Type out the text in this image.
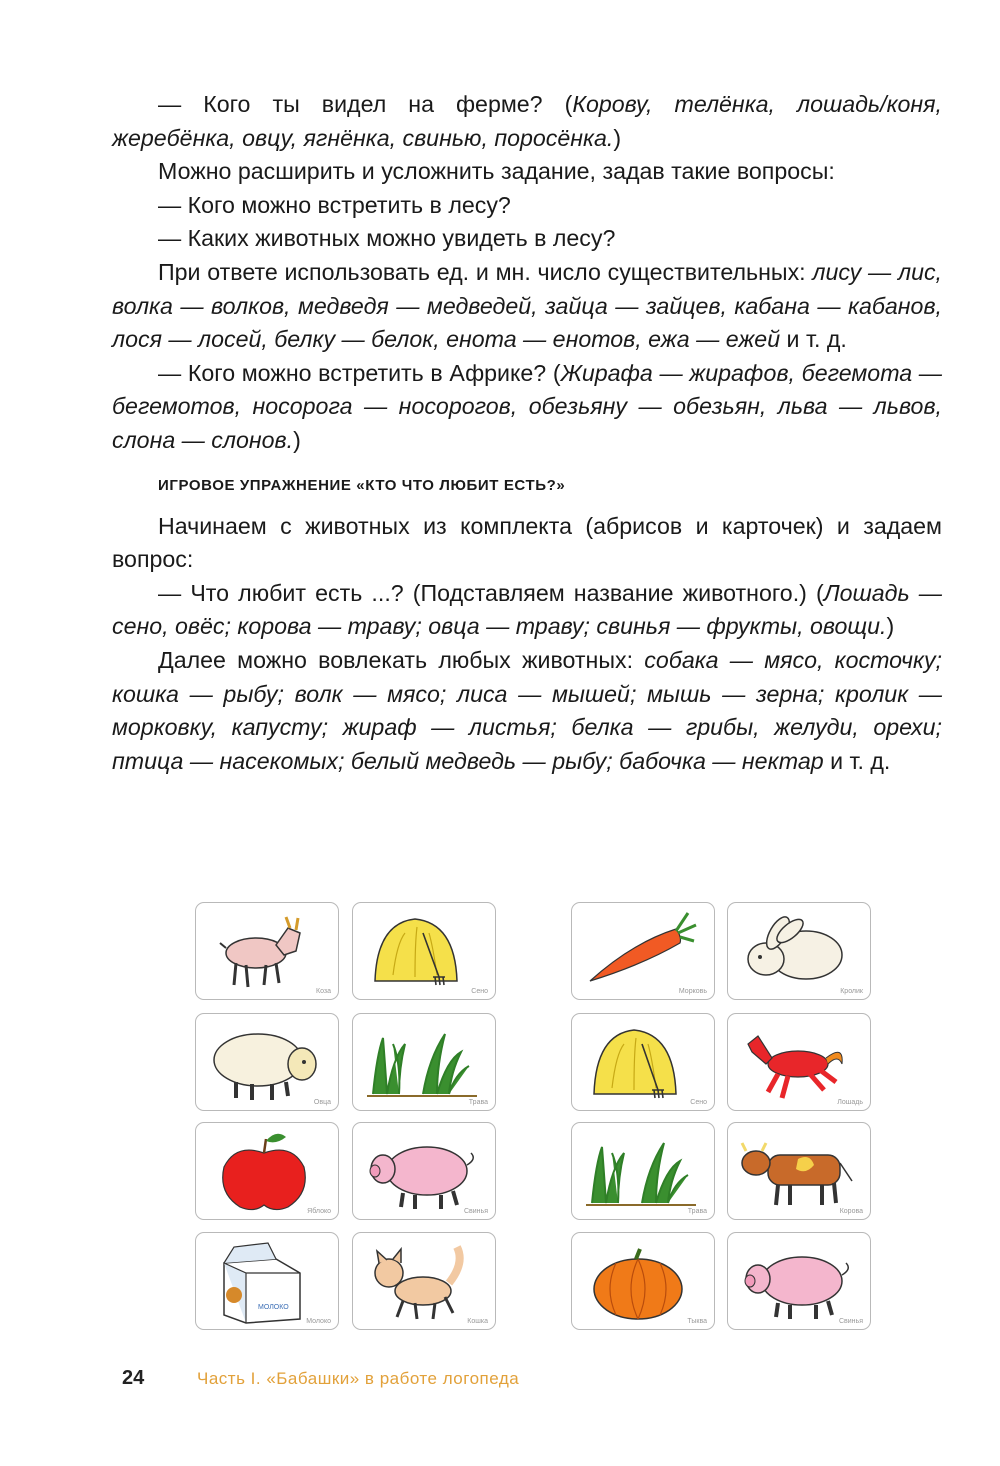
— Кого ты видел на ферме? (Корову, телёнка, лошадь/коня, жеребёнка, овцу, ягнёнка, свинью, поросёнка.)

Можно расширить и усложнить задание, задав такие вопросы:

— Кого можно встретить в лесу?

— Каких животных можно увидеть в лесу?

При ответе использовать ед. и мн. число существительных: лису — лис, волка — волков, медведя — медведей, зайца — зайцев, кабана — кабанов, лося — лосей, белку — белок, енота — енотов, ежа — ежей и т. д.

— Кого можно встретить в Африке? (Жирафа — жирафов, бегемота — бегемотов, носорога — носорогов, обезьяну — обезьян, льва — львов, слона — слонов.)

ИГРОВОЕ УПРАЖНЕНИЕ «КТО ЧТО ЛЮБИТ ЕСТЬ?»

Начинаем с животных из комплекта (абрисов и карточек) и задаем вопрос:

— Что любит есть ...? (Подставляем название животного.) (Лошадь — сено, овёс; корова — траву; овца — траву; свинья — фрукты, овощи.)

Далее можно вовлекать любых животных: собака — мясо, косточку; кошка — рыбу; волк — мясо; лиса — мышей; мышь — зерна; кролик — морковку, капусту; жираф — листья; белка — грибы, желуди, орехи; птица — насекомых; белый медведь — рыбу; бабочка — нектар и т. д.

Коза	Сено	Морковь	Кролик
Овца	Трава	Сено	Лошадь
Яблоко	Свинья	Трава	Корова
МОЛОКО
Молоко	Кошка	Тыква	Свинья
24	Часть I. «Бабашки» в работе логопеда
